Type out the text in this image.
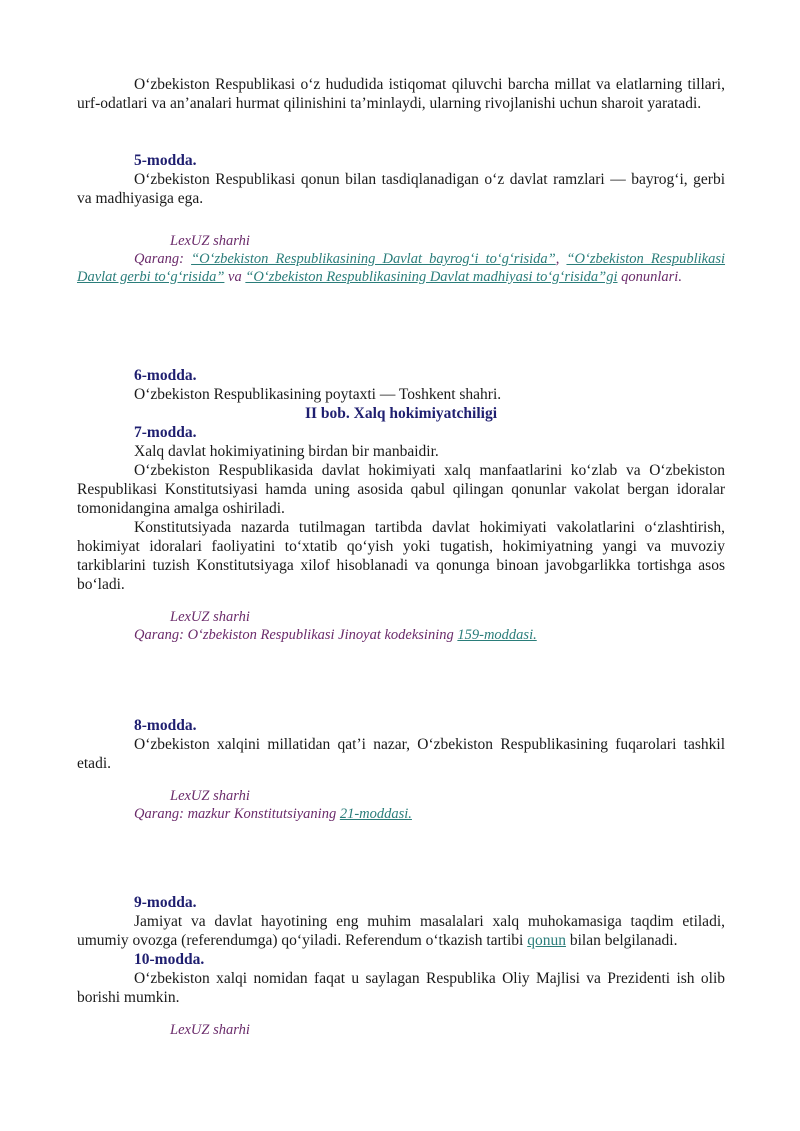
O‘zbekiston Respublikasi o‘z hududida istiqomat qiluvchi barcha millat va elatlarning tillari, urf-odatlari va an’analari hurmat qilinishini ta’minlaydi, ularning rivojlanishi uchun sharoit yaratadi.

5-modda.

O‘zbekiston Respublikasi qonun bilan tasdiqlanadigan o‘z davlat ramzlari — bayrog‘i, gerbi va madhiyasiga ega.

LexUZ sharhi

Qarang: “O‘zbekiston Respublikasining Davlat bayrog‘i to‘g‘risida”, “O‘zbekiston Respublikasi Davlat gerbi to‘g‘risida” va “O‘zbekiston Respublikasining Davlat madhiyasi to‘g‘risida”gi qonunlari.

6-modda.

O‘zbekiston Respublikasining poytaxti — Toshkent shahri.

II bob. Xalq hokimiyatchiligi

7-modda.

Xalq davlat hokimiyatining birdan bir manbaidir.

O‘zbekiston Respublikasida davlat hokimiyati xalq manfaatlarini ko‘zlab va O‘zbekiston Respublikasi Konstitutsiyasi hamda uning asosida qabul qilingan qonunlar vakolat bergan idoralar tomonidangina amalga oshiriladi.

Konstitutsiyada nazarda tutilmagan tartibda davlat hokimiyati vakolatlarini o‘zlashtirish, hokimiyat idoralari faoliyatini to‘xtatib qo‘yish yoki tugatish, hokimiyatning yangi va muvoziy tarkiblarini tuzish Konstitutsiyaga xilof hisoblanadi va qonunga binoan javobgarlikka tortishga asos bo‘ladi.

LexUZ sharhi

Qarang: O‘zbekiston Respublikasi Jinoyat kodeksining 159-moddasi.

8-modda.

O‘zbekiston xalqini millatidan qat’i nazar, O‘zbekiston Respublikasining fuqarolari tashkil etadi.

LexUZ sharhi

Qarang: mazkur Konstitutsiyaning 21-moddasi.

9-modda.

Jamiyat va davlat hayotining eng muhim masalalari xalq muhokamasiga taqdim etiladi, umumiy ovozga (referendumga) qo‘yiladi. Referendum o‘tkazish tartibi qonun bilan belgilanadi.

10-modda.

O‘zbekiston xalqi nomidan faqat u saylagan Respublika Oliy Majlisi va Prezidenti ish olib borishi mumkin.

LexUZ sharhi
